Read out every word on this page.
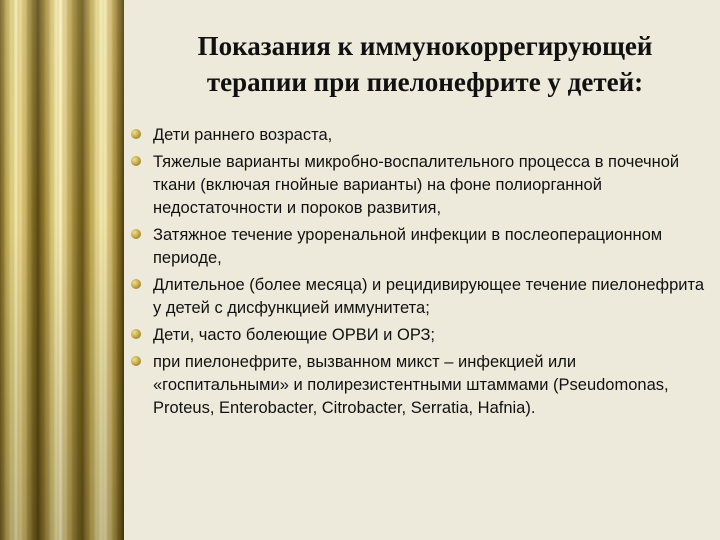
Показания к иммунокоррегирующей
терапии при пиелонефрите у детей:
Дети раннего возраста,
Тяжелые варианты микробно-воспалительного процесса в почечной ткани (включая гнойные варианты) на фоне полиорганной недостаточности и пороков развития,
Затяжное течение уроренальной инфекции в послеоперационном периоде,
Длительное (более месяца) и рецидивирующее течение пиелонефрита у детей с дисфункцией иммунитета;
Дети, часто болеющие ОРВИ и ОРЗ;
при пиелонефрите, вызванном микст – инфекцией или «госпитальными» и полирезистентными штаммами (Pseudomonas, Proteus, Enterobacter, Citrobacter, Serratia, Hafnia).
